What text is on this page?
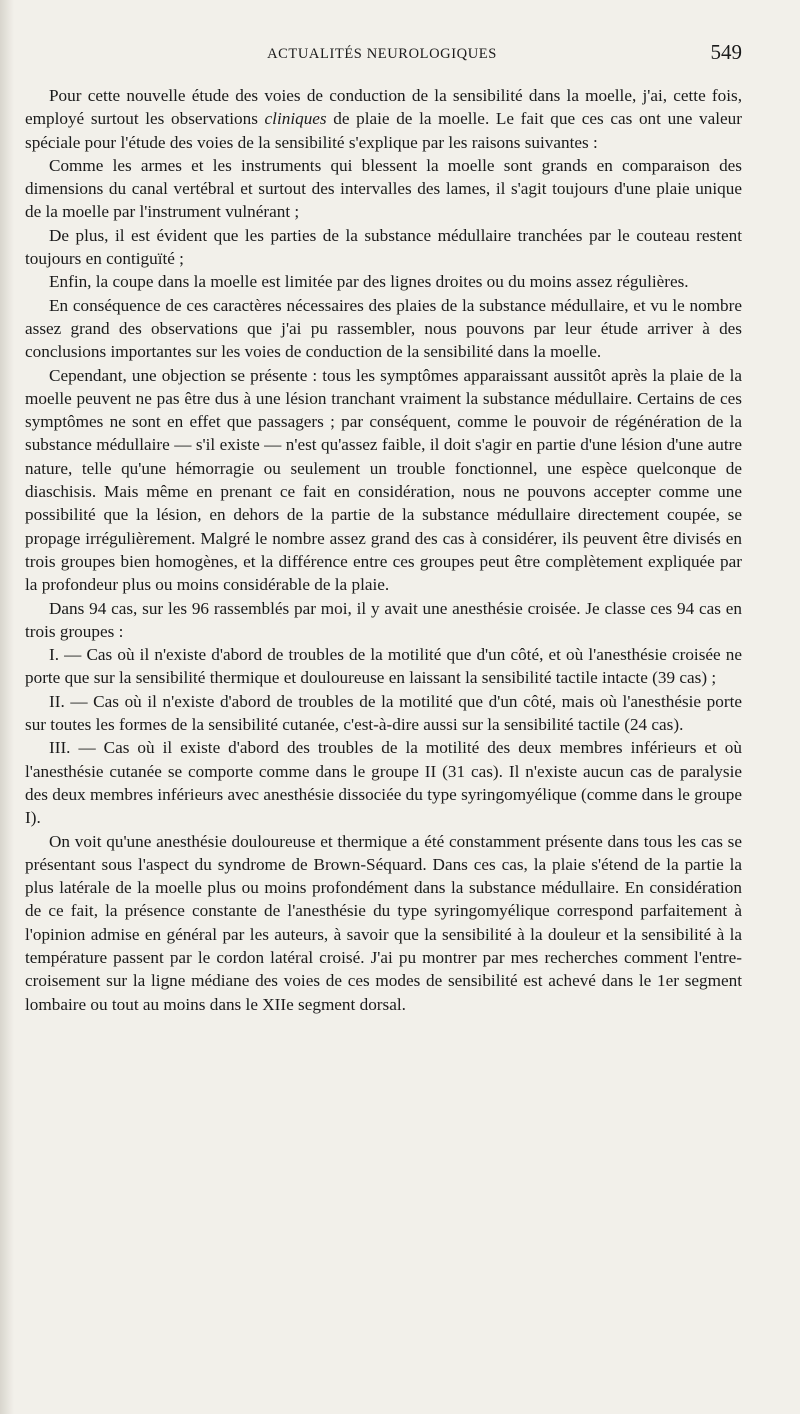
ACTUALITÉS NEUROLOGIQUES	549

Pour cette nouvelle étude des voies de conduction de la sensibilité dans la moelle, j'ai, cette fois, employé surtout les observations cliniques de plaie de la moelle. Le fait que ces cas ont une valeur spéciale pour l'étude des voies de la sensibilité s'explique par les raisons suivantes :

Comme les armes et les instruments qui blessent la moelle sont grands en comparaison des dimensions du canal vertébral et surtout des intervalles des lames, il s'agit toujours d'une plaie unique de la moelle par l'instrument vulnérant ;

De plus, il est évident que les parties de la substance médullaire tranchées par le couteau restent toujours en contiguïté ;

Enfin, la coupe dans la moelle est limitée par des lignes droites ou du moins assez régulières.

En conséquence de ces caractères nécessaires des plaies de la substance médullaire, et vu le nombre assez grand des observations que j'ai pu rassembler, nous pouvons par leur étude arriver à des conclusions importantes sur les voies de conduction de la sensibilité dans la moelle.

Cependant, une objection se présente : tous les symptômes apparaissant aussitôt après la plaie de la moelle peuvent ne pas être dus à une lésion tranchant vraiment la substance médullaire. Certains de ces symptômes ne sont en effet que passagers ; par conséquent, comme le pouvoir de régénération de la substance médullaire — s'il existe — n'est qu'assez faible, il doit s'agir en partie d'une lésion d'une autre nature, telle qu'une hémorragie ou seulement un trouble fonctionnel, une espèce quelconque de diaschisis. Mais même en prenant ce fait en considération, nous ne pouvons accepter comme une possibilité que la lésion, en dehors de la partie de la substance médullaire directement coupée, se propage irrégulièrement. Malgré le nombre assez grand des cas à considérer, ils peuvent être divisés en trois groupes bien homogènes, et la différence entre ces groupes peut être complètement expliquée par la profondeur plus ou moins considérable de la plaie.

Dans 94 cas, sur les 96 rassemblés par moi, il y avait une anesthésie croisée. Je classe ces 94 cas en trois groupes :

I. — Cas où il n'existe d'abord de troubles de la motilité que d'un côté, et où l'anesthésie croisée ne porte que sur la sensibilité thermique et douloureuse en laissant la sensibilité tactile intacte (39 cas) ;

II. — Cas où il n'existe d'abord de troubles de la motilité que d'un côté, mais où l'anesthésie porte sur toutes les formes de la sensibilité cutanée, c'est-à-dire aussi sur la sensibilité tactile (24 cas).

III. — Cas où il existe d'abord des troubles de la motilité des deux membres inférieurs et où l'anesthésie cutanée se comporte comme dans le groupe II (31 cas). Il n'existe aucun cas de paralysie des deux membres inférieurs avec anesthésie dissociée du type syringomyélique (comme dans le groupe I).

On voit qu'une anesthésie douloureuse et thermique a été constamment présente dans tous les cas se présentant sous l'aspect du syndrome de Brown-Séquard. Dans ces cas, la plaie s'étend de la partie la plus latérale de la moelle plus ou moins profondément dans la substance médullaire. En considération de ce fait, la présence constante de l'anesthésie du type syringomyélique correspond parfaitement à l'opinion admise en général par les auteurs, à savoir que la sensibilité à la douleur et la sensibilité à la température passent par le cordon latéral croisé. J'ai pu montrer par mes recherches comment l'entre-croisement sur la ligne médiane des voies de ces modes de sensibilité est achevé dans le 1er segment lombaire ou tout au moins dans le XIIe segment dorsal.
